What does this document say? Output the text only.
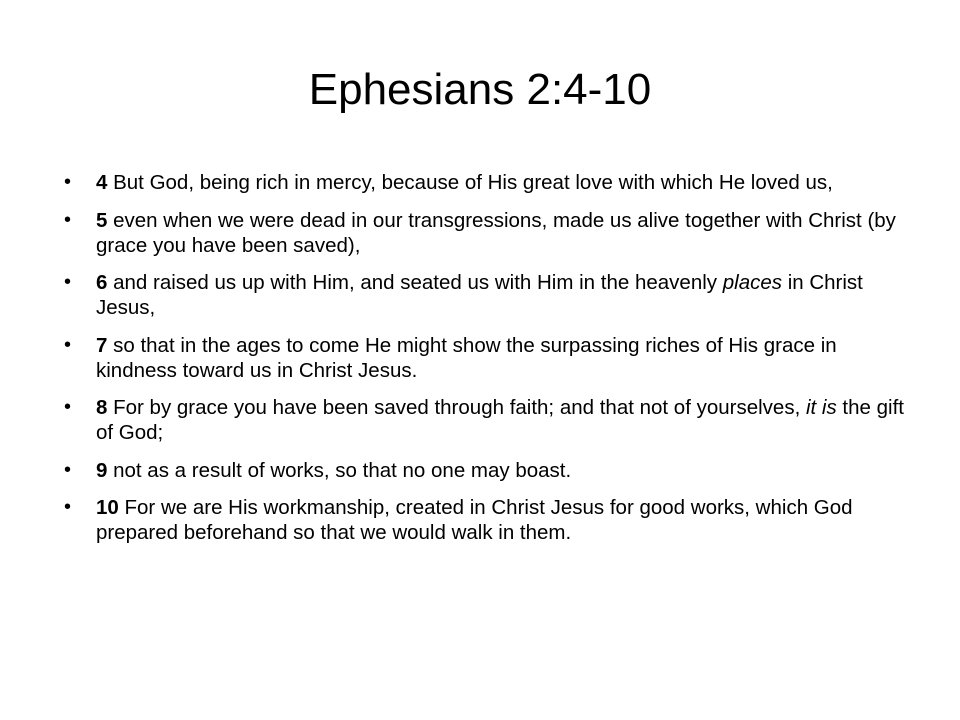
Ephesians 2:4-10
• 4 But God, being rich in mercy, because of His great love with which He loved us,
• 5 even when we were dead in our transgressions, made us alive together with Christ (by grace you have been saved),
• 6 and raised us up with Him, and seated us with Him in the heavenly places in Christ Jesus,
• 7 so that in the ages to come He might show the surpassing riches of His grace in kindness toward us in Christ Jesus.
• 8 For by grace you have been saved through faith; and that not of yourselves, it is the gift of God;
• 9 not as a result of works, so that no one may boast.
• 10 For we are His workmanship, created in Christ Jesus for good works, which God prepared beforehand so that we would walk in them.
